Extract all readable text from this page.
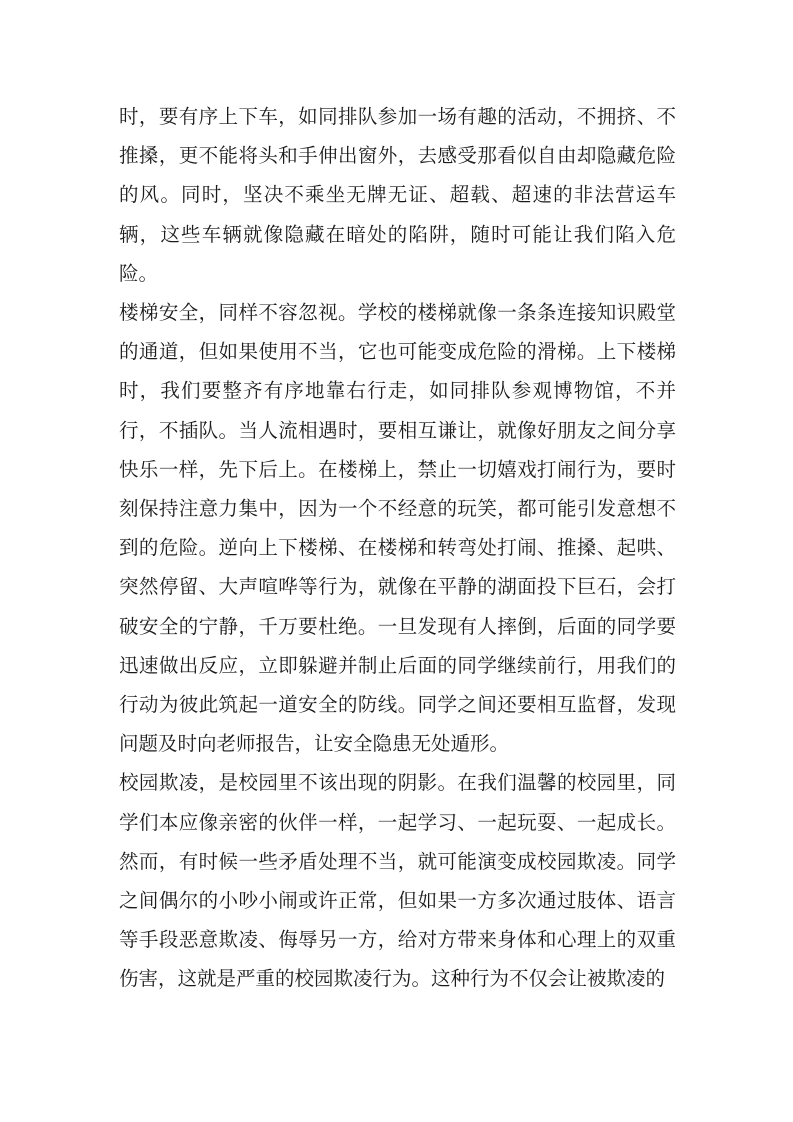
时，要有序上下车，如同排队参加一场有趣的活动，不拥挤、不推搡，更不能将头和手伸出窗外，去感受那看似自由却隐藏危险的风。同时，坚决不乘坐无牌无证、超载、超速的非法营运车辆，这些车辆就像隐藏在暗处的陷阱，随时可能让我们陷入危险。

楼梯安全，同样不容忽视。学校的楼梯就像一条条连接知识殿堂的通道，但如果使用不当，它也可能变成危险的滑梯。上下楼梯时，我们要整齐有序地靠右行走，如同排队参观博物馆，不并行，不插队。当人流相遇时，要相互谦让，就像好朋友之间分享快乐一样，先下后上。在楼梯上，禁止一切嬉戏打闹行为，要时刻保持注意力集中，因为一个不经意的玩笑，都可能引发意想不到的危险。逆向上下楼梯、在楼梯和转弯处打闹、推搡、起哄、突然停留、大声喧哗等行为，就像在平静的湖面投下巨石，会打破安全的宁静，千万要杜绝。一旦发现有人摔倒，后面的同学要迅速做出反应，立即躲避并制止后面的同学继续前行，用我们的行动为彼此筑起一道安全的防线。同学之间还要相互监督，发现问题及时向老师报告，让安全隐患无处遁形。

校园欺凌，是校园里不该出现的阴影。在我们温馨的校园里，同学们本应像亲密的伙伴一样，一起学习、一起玩耍、一起成长。然而，有时候一些矛盾处理不当，就可能演变成校园欺凌。同学之间偶尔的小吵小闹或许正常，但如果一方多次通过肢体、语言等手段恶意欺凌、侮辱另一方，给对方带来身体和心理上的双重伤害，这就是严重的校园欺凌行为。这种行为不仅会让被欺凌的
